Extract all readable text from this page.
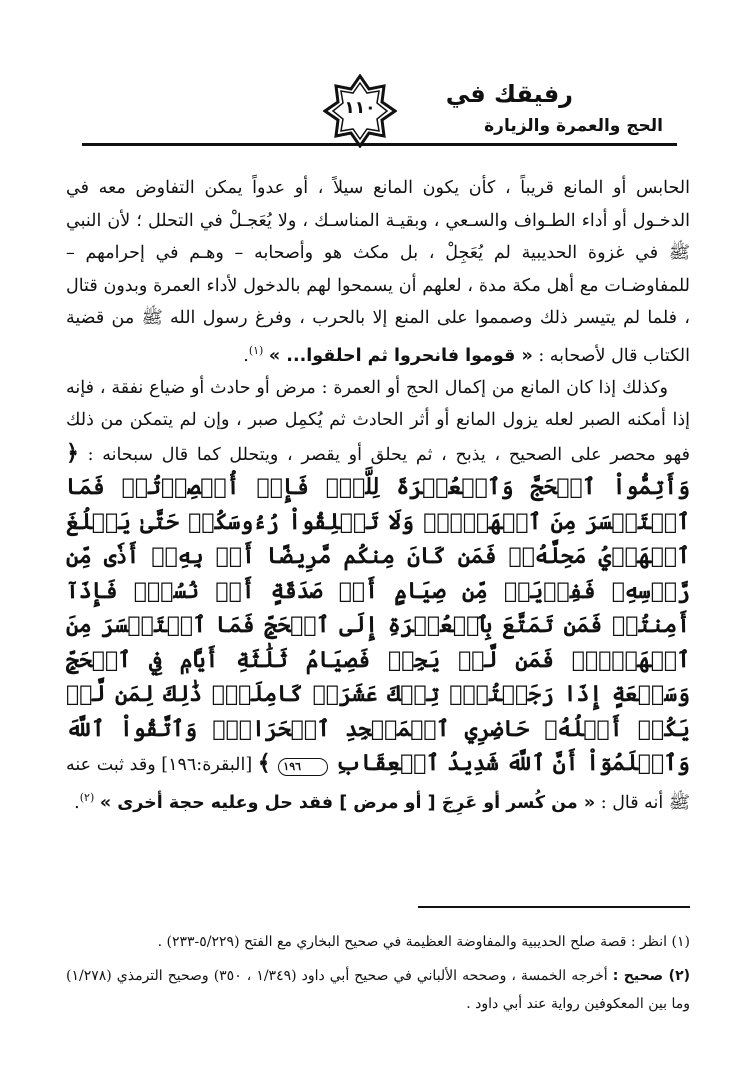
رفيقك في
١١٠
الحج والعمرة والزيارة

الحابس أو المانع قريباً ، كأن يكون المانع سيلاً ، أو عدواً يمكن التفاوض معه في الدخـول أو أداء الطـواف والسـعي ، وبقيـة المناسـك ، ولا يُعَجـلْ في التحلل ؛ لأن النبي ﷺ في غزوة الحديبية لم يُعَجِلْ ، بل مكث هو وأصحابه – وهـم في إحرامهم – للمفاوضـات مع أهل مكة مدة ، لعلهم أن يسمحوا لهم بالدخول لأداء العمرة وبدون قتال ، فلما لم يتيسر ذلك وصمموا على المنع إلا بالحرب ، وفرغ رسول الله ﷺ من قضية الكتاب قال لأصحابه : « قوموا فانحروا ثم احلقوا... » $^{(١)}$.

وكذلك إذا كان المانع من إكمال الحج أو العمرة : مرض أو حادث أو ضياع نفقة ، فإنه إذا أمكنه الصبر لعله يزول المانع أو أثر الحادث ثم يُكمِل صبر ، وإن لم يتمكن من ذلك فهو محصر على الصحيح ، يذبح ، ثم يحلق أو يقصر ، ويتحلل كما قال سبحانه : ﴿ وَأَتِمُّواْ ٱلۡحَجَّ وَٱلۡعُمۡرَةَ لِلَّهِۚ فَإِنۡ أُحۡصِرۡتُمۡ فَمَا ٱسۡتَيۡسَرَ مِنَ ٱلۡهَدۡيِۖ وَلَا تَحۡلِقُواْ رُءُوسَكُمۡ حَتَّىٰ يَبۡلُغَ ٱلۡهَدۡيُ مَحِلَّهُۥۚ فَمَن كَانَ مِنكُم مَّرِيضًا أَوۡ بِهِۦٓ أَذٗى مِّن رَّأۡسِهِۦ فَفِدۡيَةٞ مِّن صِيَامٍ أَوۡ صَدَقَةٍ أَوۡ نُسُكٖۚ فَإِذَآ أَمِنتُمۡ فَمَن تَمَتَّعَ بِٱلۡعُمۡرَةِ إِلَى ٱلۡحَجِّ فَمَا ٱسۡتَيۡسَرَ مِنَ ٱلۡهَدۡيِۚ فَمَن لَّمۡ يَجِدۡ فَصِيَامُ ثَلَٰثَةِ أَيَّامٖ فِي ٱلۡحَجِّ وَسَبۡعَةٍ إِذَا رَجَعۡتُمۡۗ تِلۡكَ عَشَرَةٞ كَامِلَةۗٞ ذَٰلِكَ لِمَن لَّمۡ يَكُنۡ أَهۡلُهُۥ حَاضِرِي ٱلۡمَسۡجِدِ ٱلۡحَرَامِۚ وَٱتَّقُواْ ٱللَّهَ وَٱعۡلَمُوٓاْ أَنَّ ٱللَّهَ شَدِيدُ ٱلۡعِقَابِ ١٩٦ ﴾ [البقرة:١٩٦] وقد ثبت عنه ﷺ أنه قال : « من كُسر أو عَرِجَ [ أو مرض ] فقد حل وعليه حجة أخرى » $^{(٢)}$.

(١) انظر : قصة صلح الحديبية والمفاوضة العظيمة في صحيح البخاري مع الفتح (٥/٢٢٩-٢٣٣) .

(٢) صحيح : أخرجه الخمسة ، وصححه الألباني في صحيح أبي داود (١/٣٤٩ ، ٣٥٠) وصحيح الترمذي (١/٢٧٨) وما بين المعكوفين رواية عند أبي داود .
